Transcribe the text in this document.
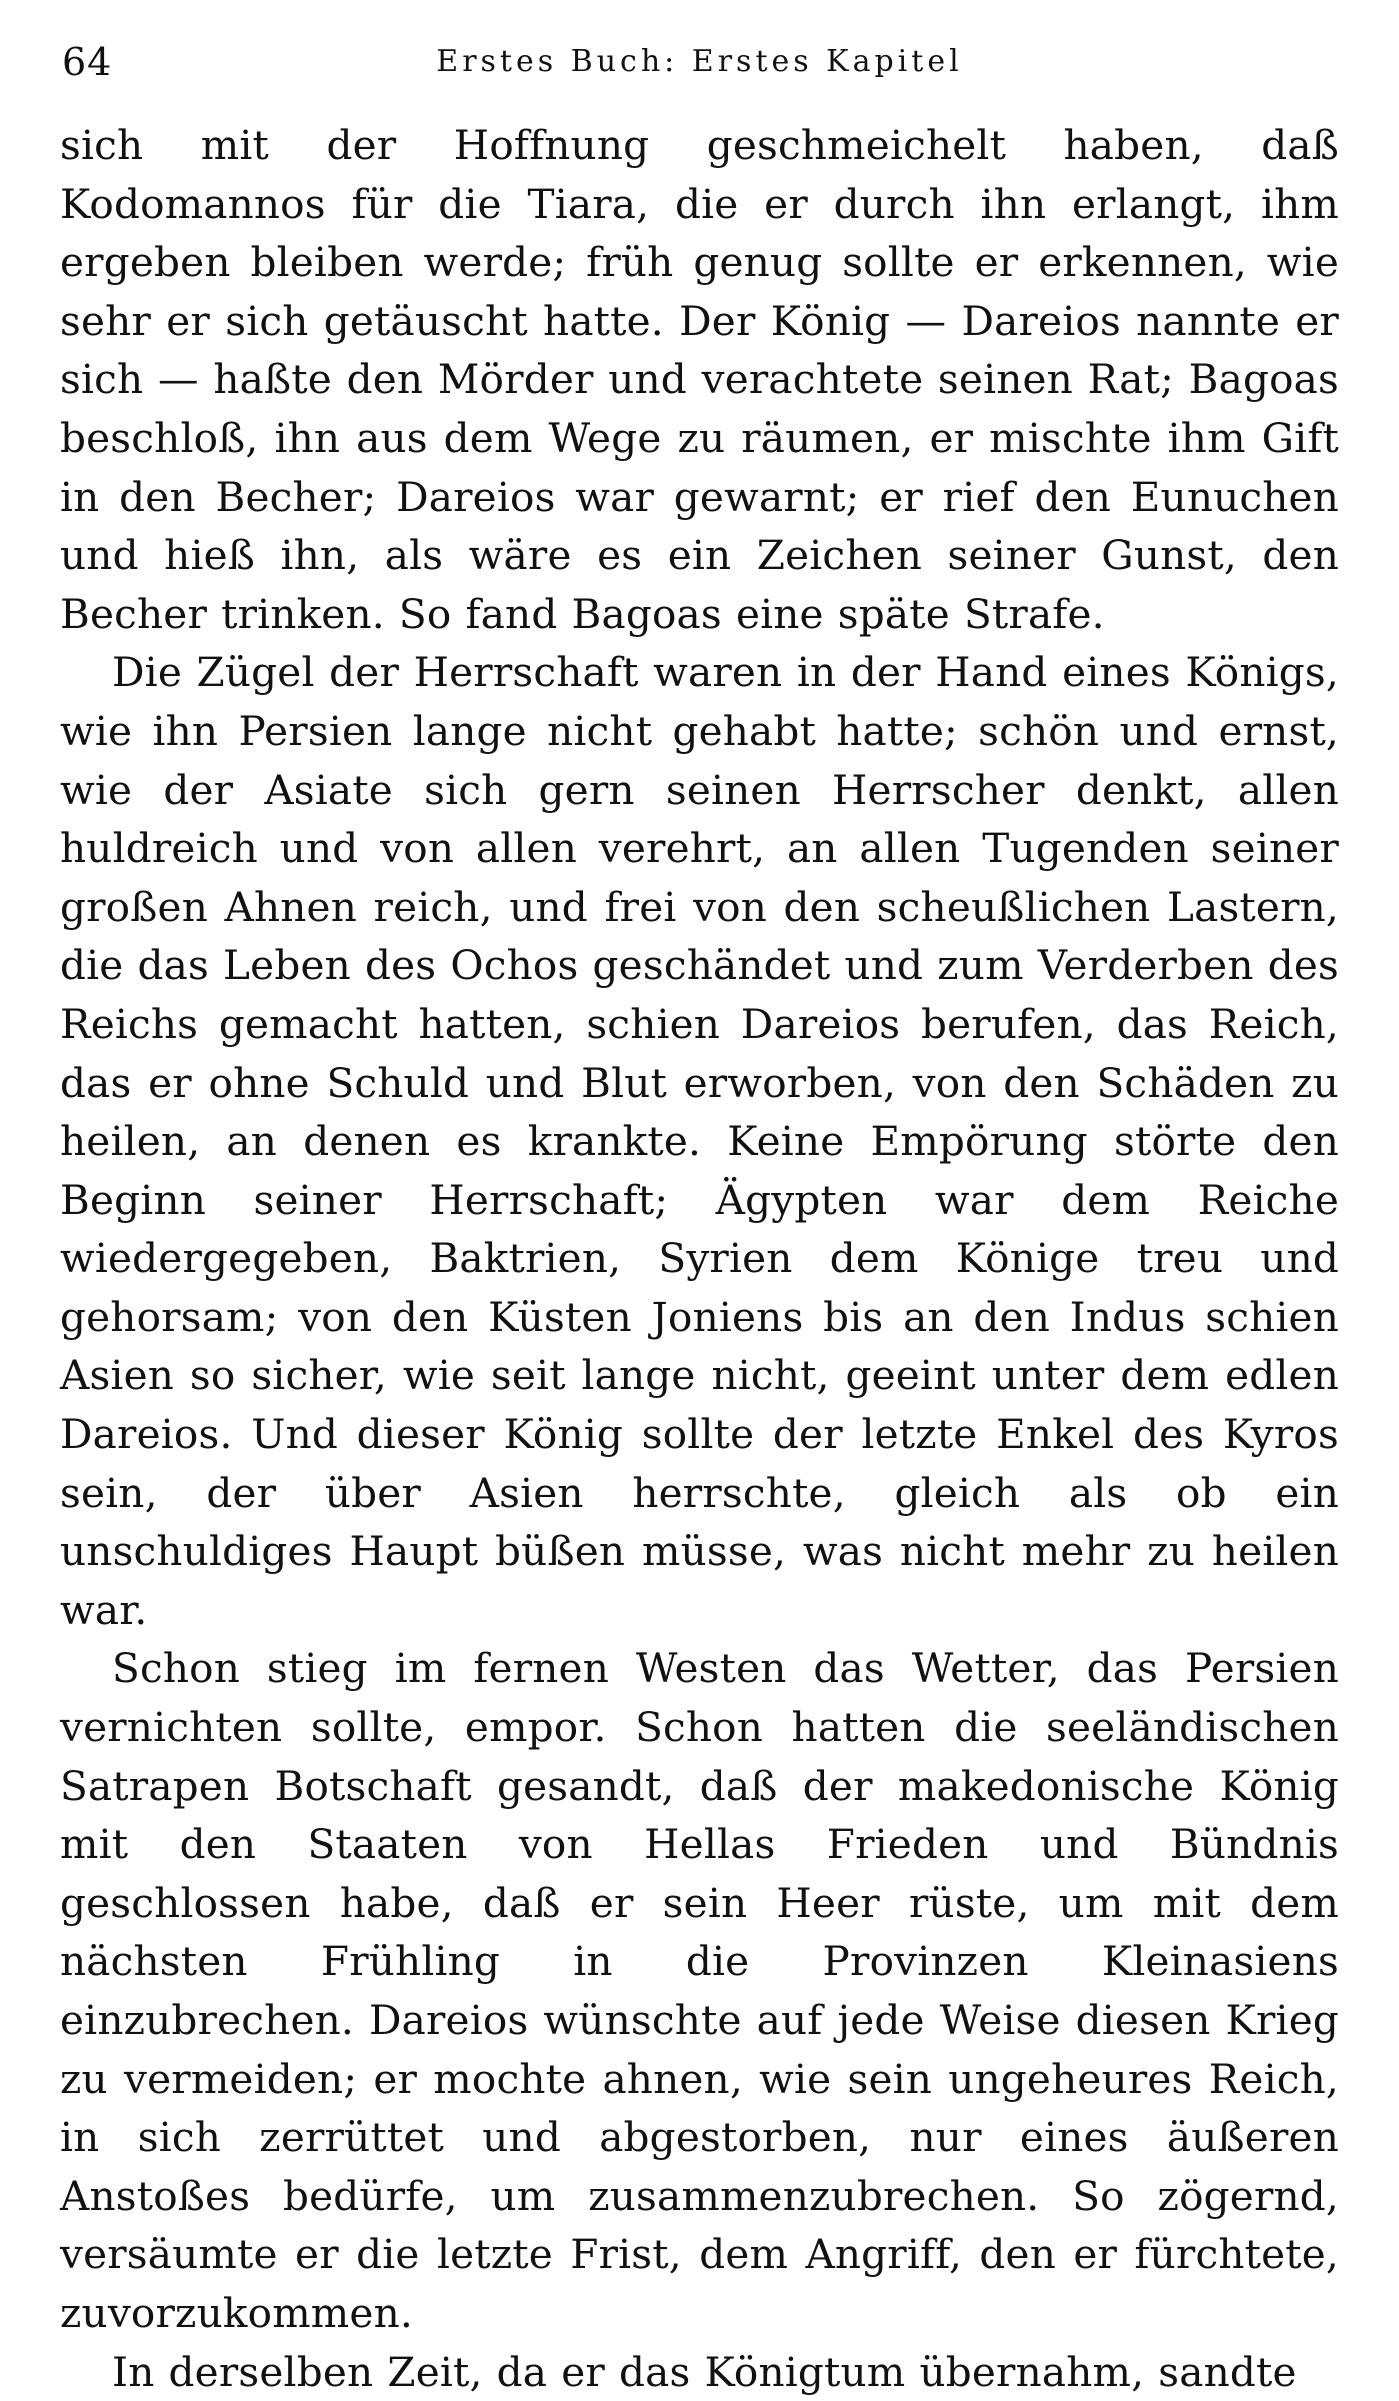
64	Erstes Buch: Erstes Kapitel

sich mit der Hoffnung geschmeichelt haben, daß Kodomannos für die Tiara, die er durch ihn erlangt, ihm ergeben bleiben werde; früh genug sollte er erkennen, wie sehr er sich getäuscht hatte. Der König — Dareios nannte er sich — haßte den Mörder und verachtete seinen Rat; Bagoas beschloß, ihn aus dem Wege zu räumen, er mischte ihm Gift in den Becher; Dareios war gewarnt; er rief den Eunuchen und hieß ihn, als wäre es ein Zeichen seiner Gunst, den Becher trinken. So fand Bagoas eine späte Strafe.

Die Zügel der Herrschaft waren in der Hand eines Königs, wie ihn Persien lange nicht gehabt hatte; schön und ernst, wie der Asiate sich gern seinen Herrscher denkt, allen huldreich und von allen verehrt, an allen Tugenden seiner großen Ahnen reich, und frei von den scheußlichen Lastern, die das Leben des Ochos geschändet und zum Verderben des Reichs gemacht hatten, schien Dareios berufen, das Reich, das er ohne Schuld und Blut erworben, von den Schäden zu heilen, an denen es krankte. Keine Empörung störte den Beginn seiner Herrschaft; Ägypten war dem Reiche wiedergegeben, Baktrien, Syrien dem Könige treu und gehorsam; von den Küsten Joniens bis an den Indus schien Asien so sicher, wie seit lange nicht, geeint unter dem edlen Dareios. Und dieser König sollte der letzte Enkel des Kyros sein, der über Asien herrschte, gleich als ob ein unschuldiges Haupt büßen müsse, was nicht mehr zu heilen war.

Schon stieg im fernen Westen das Wetter, das Persien vernichten sollte, empor. Schon hatten die seeländischen Satrapen Botschaft gesandt, daß der makedonische König mit den Staaten von Hellas Frieden und Bündnis geschlossen habe, daß er sein Heer rüste, um mit dem nächsten Frühling in die Provinzen Kleinasiens einzubrechen. Dareios wünschte auf jede Weise diesen Krieg zu vermeiden; er mochte ahnen, wie sein ungeheures Reich, in sich zerrüttet und abgestorben, nur eines äußeren Anstoßes bedürfe, um zusammenzubrechen. So zögernd, versäumte er die letzte Frist, dem Angriff, den er fürchtete, zuvorzukommen.

In derselben Zeit, da er das Königtum übernahm, sandte
